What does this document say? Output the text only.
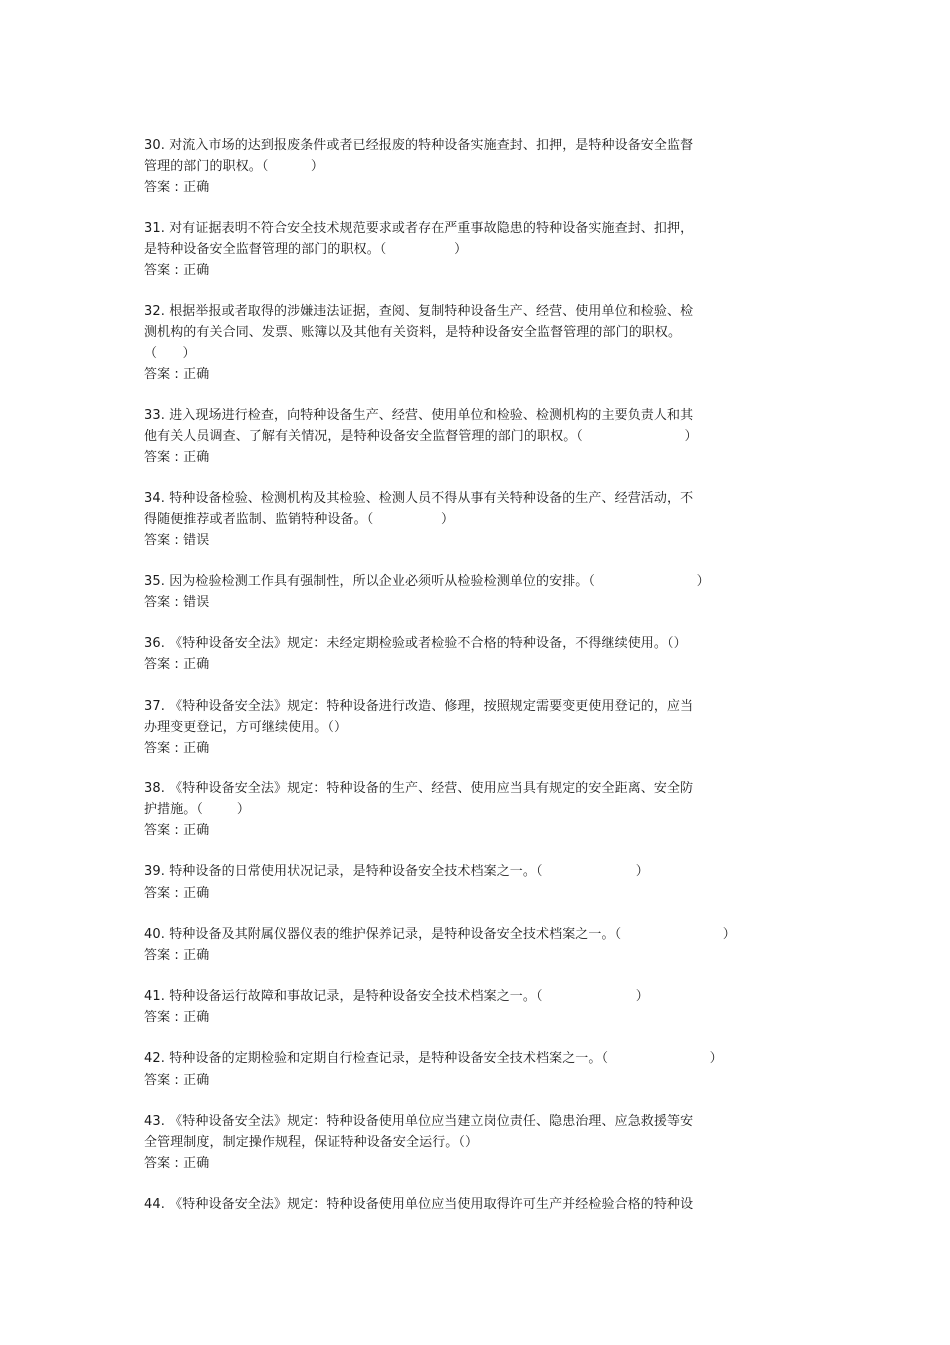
30. 对流入市场的达到报废条件或者已经报废的特种设备实施查封、扣押，是特种设备安全监督
管理的部门的职权。（          ）
答案 : 正确
31. 对有证据表明不符合安全技术规范要求或者存在严重事故隐患的特种设备实施查封、扣押，
是特种设备安全监督管理的部门的职权。（                ）
答案 : 正确
32. 根据举报或者取得的涉嫌违法证据，查阅、复制特种设备生产、经营、使用单位和检验、检
测机构的有关合同、发票、账簿以及其他有关资料，是特种设备安全监督管理的部门的职权。
（      ）
答案 : 正确
33. 进入现场进行检查，向特种设备生产、经营、使用单位和检验、检测机构的主要负责人和其
他有关人员调查、了解有关情况，是特种设备安全监督管理的部门的职权。（                        ）
答案 : 正确
34. 特种设备检验、检测机构及其检验、检测人员不得从事有关特种设备的生产、经营活动，不
得随便推荐或者监制、监销特种设备。（                ）
答案 : 错误
35. 因为检验检测工作具有强制性，所以企业必须听从检验检测单位的安排。（                        ）
答案 : 错误
36. 《特种设备安全法》规定：未经定期检验或者检验不合格的特种设备，不得继续使用。（）
答案 : 正确
37. 《特种设备安全法》规定：特种设备进行改造、修理，按照规定需要变更使用登记的，应当
办理变更登记，方可继续使用。（）
答案 : 正确
38. 《特种设备安全法》规定：特种设备的生产、经营、使用应当具有规定的安全距离、安全防
护措施。（        ）
答案 : 正确
39. 特种设备的日常使用状况记录，是特种设备安全技术档案之一。（                      ）
答案 : 正确
40. 特种设备及其附属仪器仪表的维护保养记录，是特种设备安全技术档案之一。（                        ）
答案 : 正确
41. 特种设备运行故障和事故记录，是特种设备安全技术档案之一。（                      ）
答案 : 正确
42. 特种设备的定期检验和定期自行检查记录，是特种设备安全技术档案之一。（                        ）
答案 : 正确
43. 《特种设备安全法》规定：特种设备使用单位应当建立岗位责任、隐患治理、应急救援等安
全管理制度，制定操作规程，保证特种设备安全运行。（）
答案 : 正确
44. 《特种设备安全法》规定：特种设备使用单位应当使用取得许可生产并经检验合格的特种设
